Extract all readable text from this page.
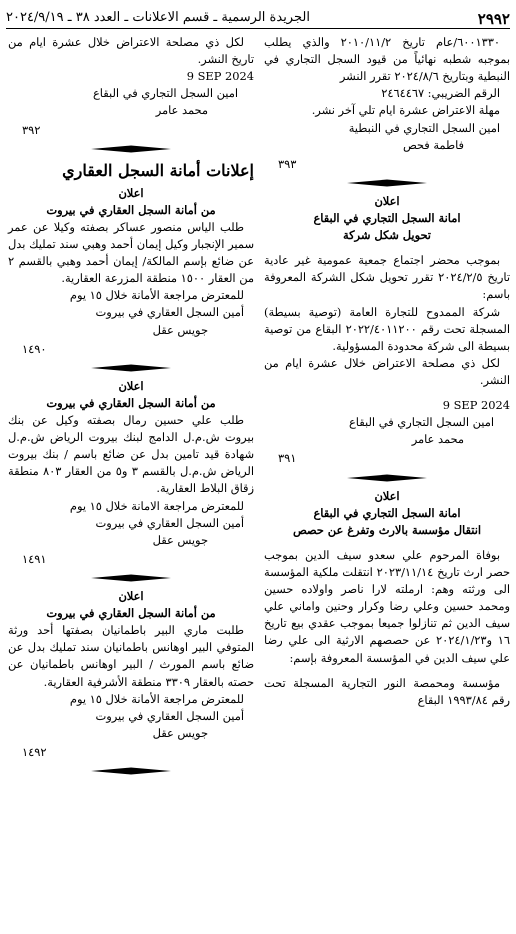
٢٩٩٢
الجريدة الرسمية ـ قسم الاعلانات ـ العدد ٣٨ ـ ٢٠٢٤/٩/١٩

٦٠٠١٣٣٠/عام تاريخ ٢٠١٠/١١/٢ والذي يطلب بموجبه شطبه نهائياً من قيود السجل التجاري في النبطية وبتاريخ ٢٠٢٤/٨/٦ تقرر النشر

الرقم الضريبي: ٢٤٦٤٤٦٧

مهلة الاعتراض عشرة ايام تلي آخر نشر.

امين السجل التجاري في النبطية

فاطمة فحص

٣٩٣

اعلان

امانة السجل التجاري في البقاع

تحويل شكل شركة

بموجب محضر اجتماع جمعية عمومية غير عادية تاريخ ٢٠٢٤/٢/٥ تقرر تحويل شكل الشركة المعروفة باسم:

شركة الممدوح للتجارة العامة (توصية بسيطة) المسجلة تحت رقم ٢٠٢٢/٤٠١١٢٠٠ البقاع من توصية بسيطة الى شركة محدودة المسؤولية.

لكل ذي مصلحة الاعتراض خلال عشرة ايام من النشر.

9 SEP 2024

امين السجل التجاري في البقاع

محمد عامر

٣٩١

اعلان

امانة السجل التجاري في البقاع

انتقال مؤسسة بالارث وتفرغ عن حصص

بوفاة المرحوم علي سعدو سيف الدين بموجب حصر ارث تاريخ ٢٠٢٣/١١/١٤ انتقلت ملكية المؤسسة الى ورثته وهم: ارملته لارا ناصر واولاده حسين ومحمد حسين وعلي رضا وكرار وحنين واماني علي سيف الدين ثم تنازلوا جميعا بموجب عقدي بيع تاريخ ١٦ و٢٠٢٤/١/٢٣ عن حصصهم الارثية الى علي رضا علي سيف الدين في المؤسسة المعروفة بإسم:

مؤسسة ومحمصة النور التجارية المسجلة تحت رقم ١٩٩٣/٨٤ البقاع

لكل ذي مصلحة الاعتراض خلال عشرة ايام من تاريخ النشر.

9 SEP 2024

امين السجل التجاري في البقاع

محمد عامر

٣٩٢

إعلانات أمانة السجل العقاري

اعلان

من أمانة السجل العقاري في بيروت

طلب الياس منصور عساكر بصفته وكيلا عن عمر سمير الإنجبار وكيل إيمان أحمد وهبي سند تمليك بدل عن ضائع بإسم المالكة/ إيمان أحمد وهبي بالقسم ٢ من العقار ١٥٠٠ منطقة المزرعة العقارية.

للمعترض مراجعة الأمانة خلال ١٥ يوم

أمين السجل العقاري في بيروت

جويس عقل

١٤٩٠

اعلان

من أمانة السجل العقاري في بيروت

طلب علي حسين رمال بصفته وكيل عن بنك بيروت ش.م.ل الدامج لبنك بيروت الرياض ش.م.ل شهادة قيد تامين بدل عن ضائع باسم / بنك بيروت الرياض ش.م.ل بالقسم ٣ و٥ من العقار ٨٠٣ منطقة زقاق البلاط العقارية.

للمعترض مراجعة الامانة خلال ١٥ يوم

أمين السجل العقاري في بيروت

جويس عقل

١٤٩١

اعلان

من أمانة السجل العقاري في بيروت

طلبت ماري البير باطمانيان بصفتها أحد ورثة المتوفي البير اوهانس باطمانيان سند تمليك بدل عن ضائع باسم المورث / البير اوهانس باطمانيان عن حصته بالعقار ٣٣٠٩ منطقة الأشرفية العقارية.

للمعترض مراجعة الأمانة خلال ١٥ يوم

أمين السجل العقاري في بيروت

جويس عقل

١٤٩٢
